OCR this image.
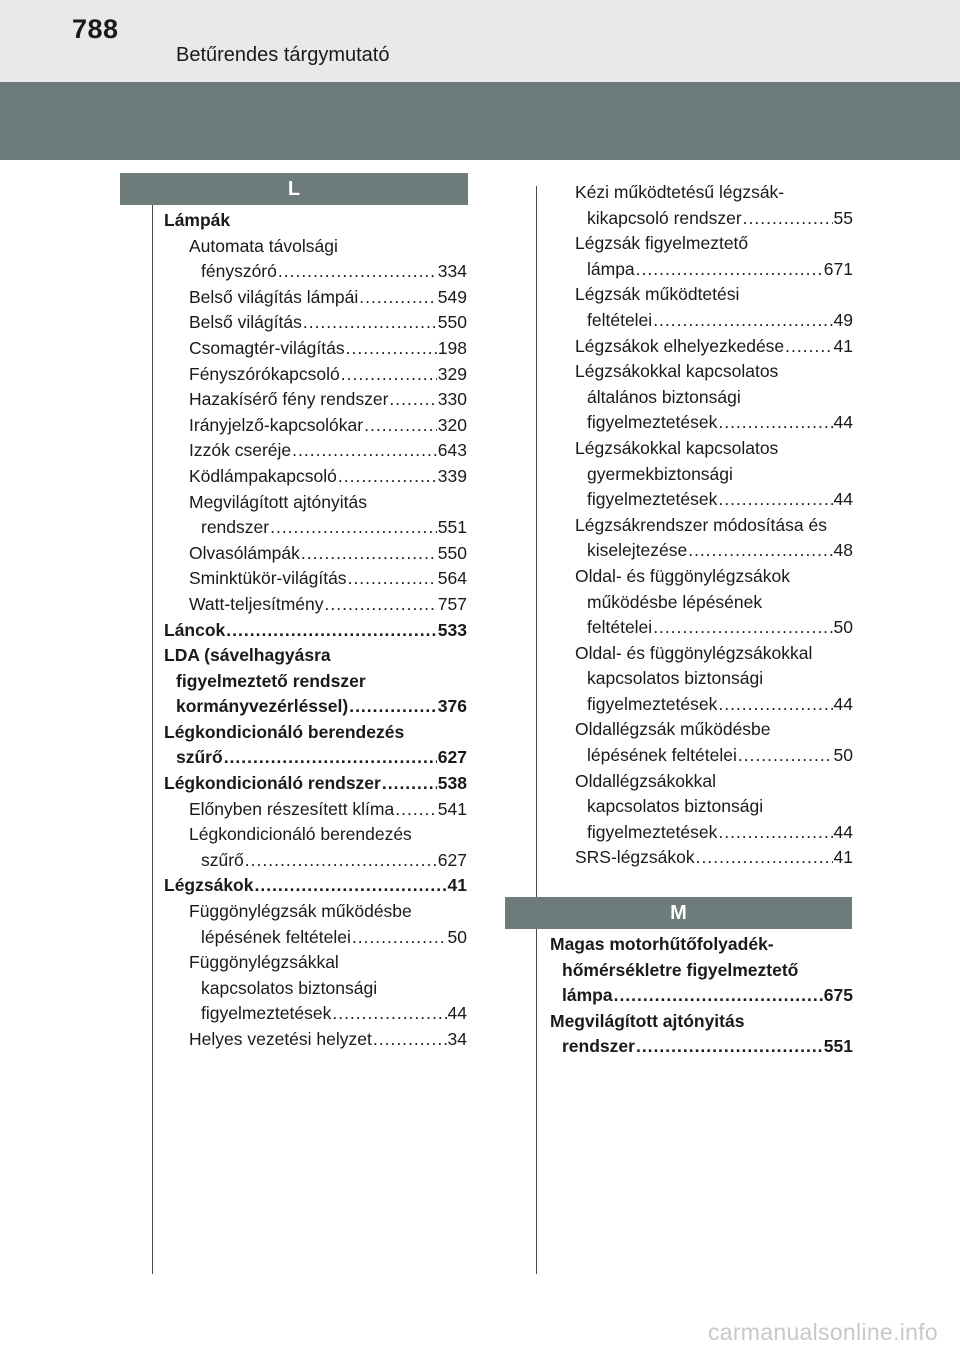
788
Betűrendes tárgymutató
L
Lámpák
Automata távolsági
fényszóró .....	334
Belső világítás lámpái .....	549
Belső világítás .....	550
Csomagtér-világítás .....	198
Fényszórókapcsoló .....	329
Hazakísérő fény rendszer .....	330
Irányjelző-kapcsolókar .....	320
Izzók cseréje .....	643
Ködlámpakapcsoló .....	339
Megvilágított ajtónyitás
rendszer .....	551
Olvasólámpák .....	550
Sminktükör-világítás .....	564
Watt-teljesítmény .....	757
Láncok .....	533
LDA (sávelhagyásra
figyelmeztető rendszer
kormányvezérléssel) .....	376
Légkondicionáló berendezés
szűrő .....	627
Légkondicionáló rendszer .....	538
Előnyben részesített klíma ..... 541
Légkondicionáló berendezés
szűrő .....	627
Légzsákok .....	41
Függönylégzsák működésbe
lépésének feltételei .....	50
Függönylégzsákkal
kapcsolatos biztonsági
figyelmeztetések .....	44
Helyes vezetési helyzet .....	34
Kézi működtetésű légzsák-
kikapcsoló rendszer .....	55
Légzsák figyelmeztető
lámpa .....	671
Légzsák működtetési
feltételei .....	49
Légzsákok elhelyezkedése .....	41
Légzsákokkal kapcsolatos
általános biztonsági
figyelmeztetések .....	44
Légzsákokkal kapcsolatos
gyermekbiztonsági
figyelmeztetések .....	44
Légzsákrendszer módosítása és
kiselejtezése .....	48
Oldal- és függönylégzsákok
működésbe lépésének
feltételei .....	50
Oldal- és függönylégzsákokkal
kapcsolatos biztonsági
figyelmeztetések .....	44
Oldallégzsák működésbe
lépésének feltételei .....	50
Oldallégzsákokkal
kapcsolatos biztonsági
figyelmeztetések .....	44
SRS-légzsákok .....	41
M
Magas motorhűtőfolyadék-
hőmérsékletre figyelmeztető
lámpa .....	675
Megvilágított ajtónyitás
rendszer .....	551
carmanualsonline.info
